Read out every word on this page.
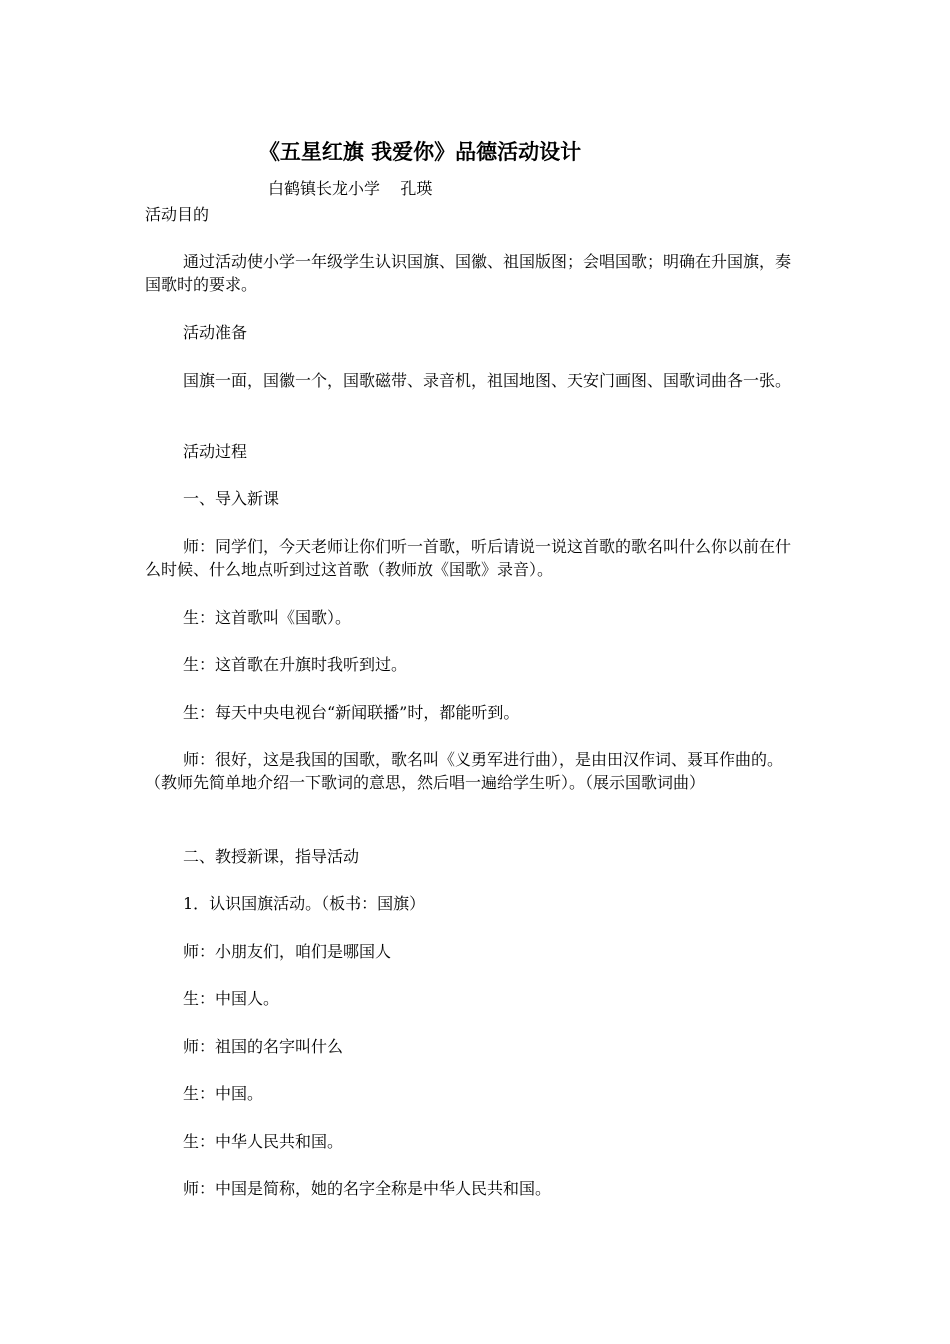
《五星红旗 我爱你》品德活动设计
白鹤镇长龙小学    孔瑛

活动目的

通过活动使小学一年级学生认识国旗、国徽、祖国版图；会唱国歌；明确在升国旗，奏国歌时的要求。

活动准备

国旗一面，国徽一个，国歌磁带、录音机，祖国地图、天安门画图、国歌词曲各一张。

活动过程

一、导入新课

师：同学们，今天老师让你们听一首歌，听后请说一说这首歌的歌名叫什么你以前在什么时候、什么地点听到过这首歌（教师放《国歌》录音）。

生：这首歌叫《国歌）。

生：这首歌在升旗时我听到过。

生：每天中央电视台“新闻联播”时，都能听到。

师：很好，这是我国的国歌，歌名叫《义勇军进行曲），是由田汉作词、聂耳作曲的。（教师先简单地介绍一下歌词的意思，然后唱一遍给学生听）。（展示国歌词曲）

二、教授新课，指导活动

1．认识国旗活动。（板书：国旗）

师：小朋友们，咱们是哪国人

生：中国人。

师：祖国的名字叫什么

生：中国。

生：中华人民共和国。

师：中国是简称，她的名字全称是中华人民共和国。
